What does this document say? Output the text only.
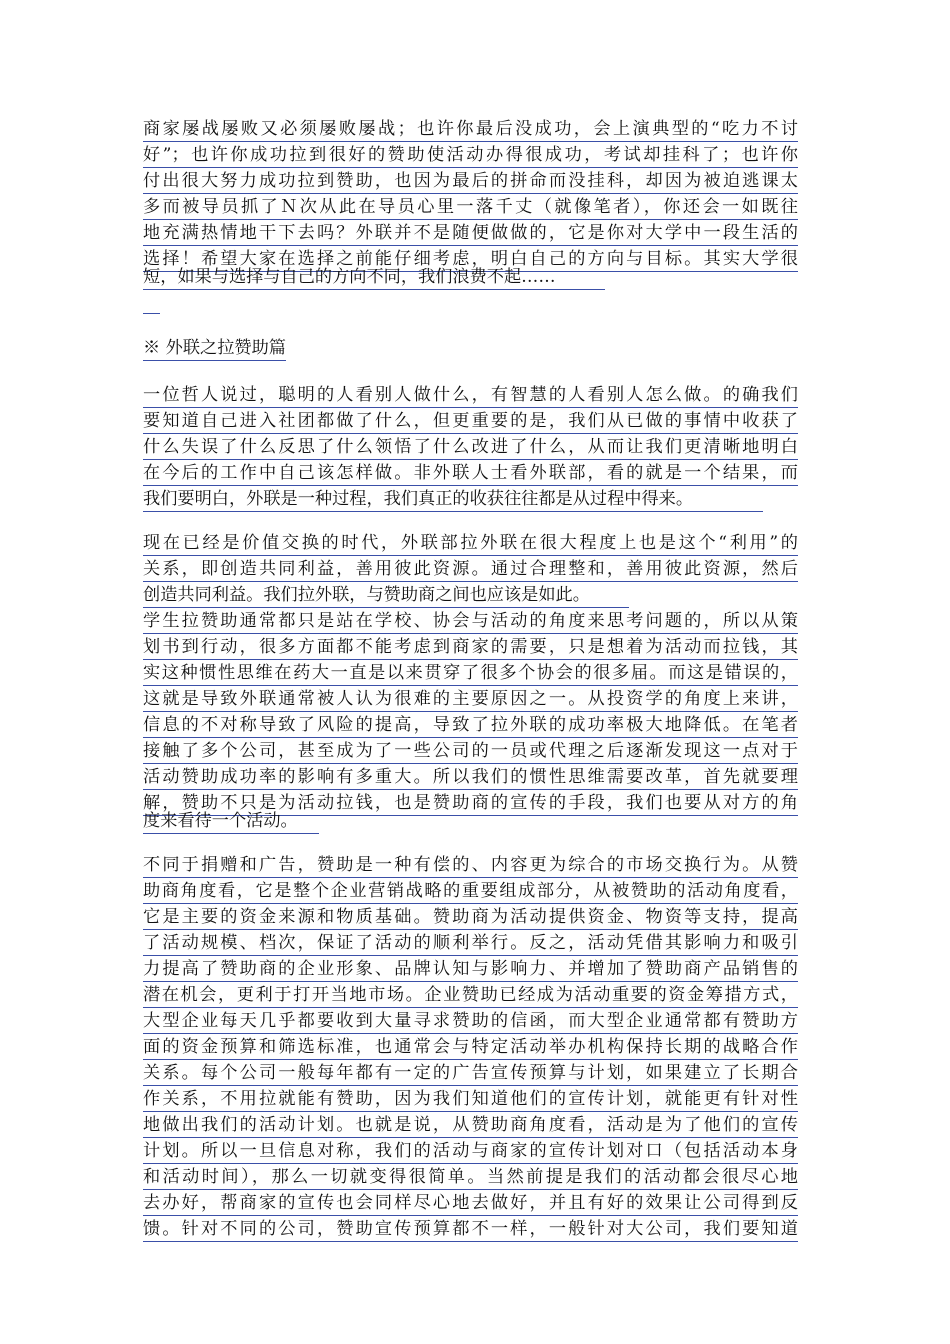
商家屡战屡败又必须屡败屡战；也许你最后没成功，会上演典型的“吃力不讨
好”；也许你成功拉到很好的赞助使活动办得很成功，考试却挂科了；也许你
付出很大努力成功拉到赞助，也因为最后的拼命而没挂科，却因为被迫逃课太
多而被导员抓了Ｎ次从此在导员心里一落千丈（就像笔者），你还会一如既往
地充满热情地干下去吗？外联并不是随便做做的，它是你对大学中一段生活的
选择！希望大家在选择之前能仔细考虑，明白自己的方向与目标。其实大学很
短，如果与选择与自己的方向不同，我们浪费不起……
※ 外联之拉赞助篇
一位哲人说过，聪明的人看别人做什么，有智慧的人看别人怎么做。的确我们
要知道自己进入社团都做了什么，但更重要的是，我们从已做的事情中收获了
什么失误了什么反思了什么领悟了什么改进了什么，从而让我们更清晰地明白
在今后的工作中自己该怎样做。非外联人士看外联部，看的就是一个结果，而
我们要明白，外联是一种过程，我们真正的收获往往都是从过程中得来。
现在已经是价值交换的时代，外联部拉外联在很大程度上也是这个“利用”的
关系，即创造共同利益，善用彼此资源。通过合理整和，善用彼此资源，然后
创造共同利益。我们拉外联，与赞助商之间也应该是如此。
学生拉赞助通常都只是站在学校、协会与活动的角度来思考问题的，所以从策
划书到行动，很多方面都不能考虑到商家的需要，只是想着为活动而拉钱，其
实这种惯性思维在药大一直是以来贯穿了很多个协会的很多届。而这是错误的，
这就是导致外联通常被人认为很难的主要原因之一。从投资学的角度上来讲，
信息的不对称导致了风险的提高，导致了拉外联的成功率极大地降低。在笔者
接触了多个公司，甚至成为了一些公司的一员或代理之后逐渐发现这一点对于
活动赞助成功率的影响有多重大。所以我们的惯性思维需要改革，首先就要理
解，赞助不只是为活动拉钱，也是赞助商的宣传的手段，我们也要从对方的角
度来看待一个活动。
不同于捐赠和广告，赞助是一种有偿的、内容更为综合的市场交换行为。从赞
助商角度看，它是整个企业营销战略的重要组成部分，从被赞助的活动角度看，
它是主要的资金来源和物质基础。赞助商为活动提供资金、物资等支持，提高
了活动规模、档次，保证了活动的顺利举行。反之，活动凭借其影响力和吸引
力提高了赞助商的企业形象、品牌认知与影响力、并增加了赞助商产品销售的
潜在机会，更利于打开当地市场。企业赞助已经成为活动重要的资金筹措方式，
大型企业每天几乎都要收到大量寻求赞助的信函，而大型企业通常都有赞助方
面的资金预算和筛选标准，也通常会与特定活动举办机构保持长期的战略合作
关系。每个公司一般每年都有一定的广告宣传预算与计划，如果建立了长期合
作关系，不用拉就能有赞助，因为我们知道他们的宣传计划，就能更有针对性
地做出我们的活动计划。也就是说，从赞助商角度看，活动是为了他们的宣传
计划。所以一旦信息对称，我们的活动与商家的宣传计划对口（包括活动本身
和活动时间），那么一切就变得很简单。当然前提是我们的活动都会很尽心地
去办好，帮商家的宣传也会同样尽心地去做好，并且有好的效果让公司得到反
馈。针对不同的公司，赞助宣传预算都不一样，一般针对大公司，我们要知道
